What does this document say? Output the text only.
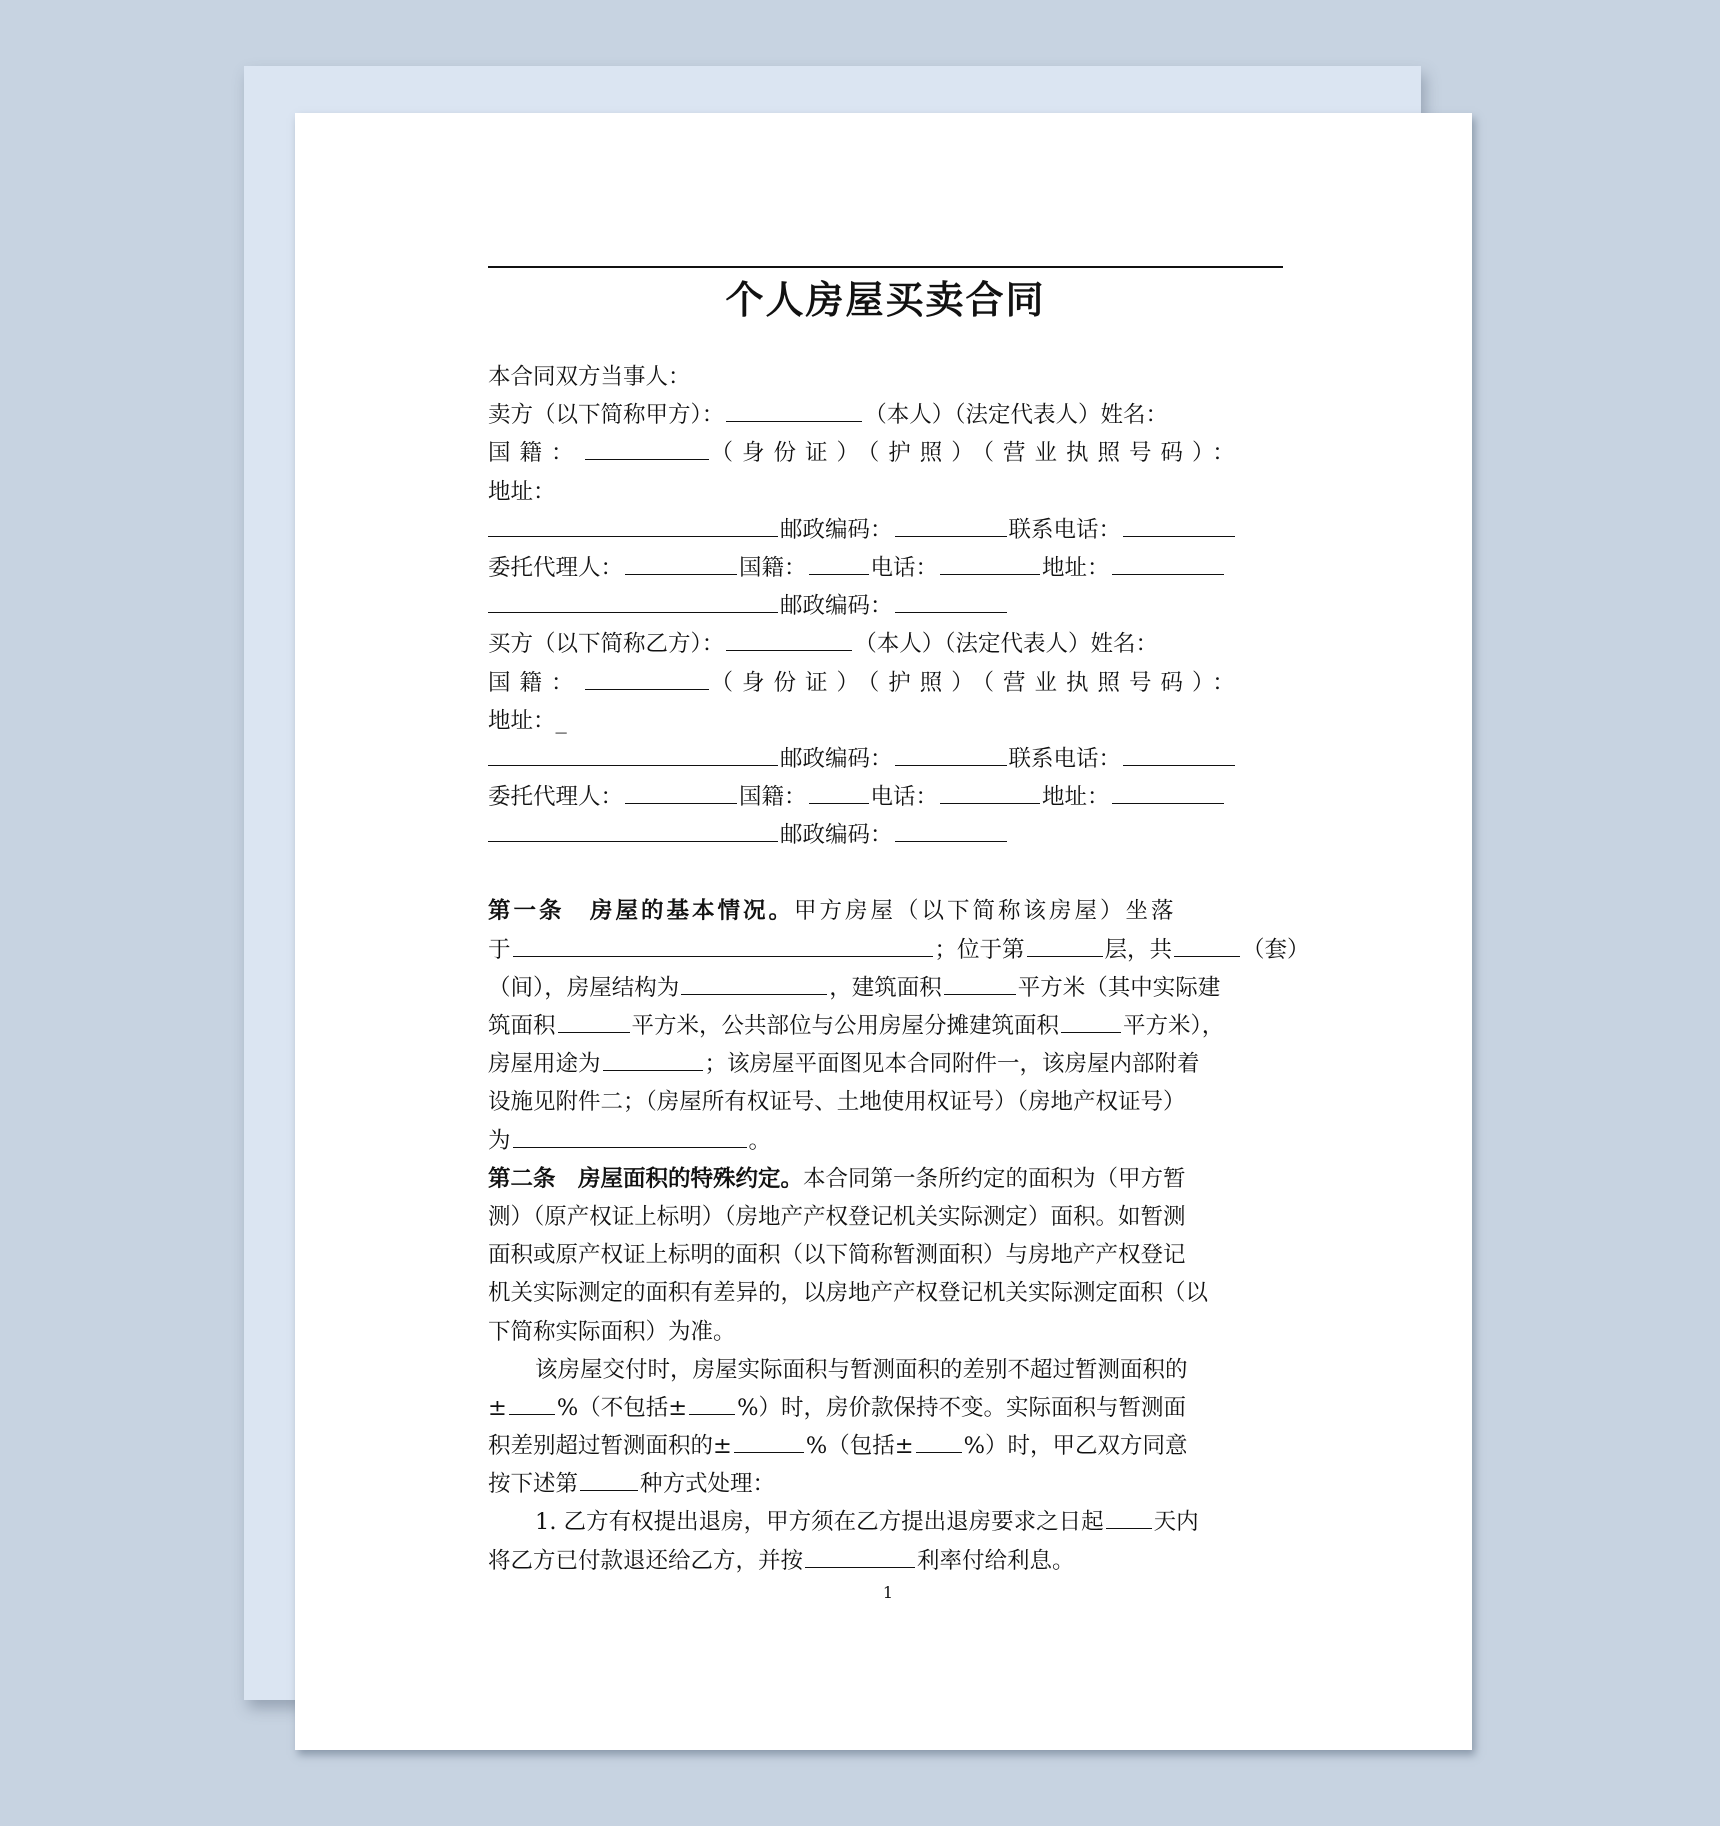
个人房屋买卖合同
本合同双方当事人：
卖方（以下简称甲方）：	（本人）（法定代表人）姓名：
国籍：	（身份证）（护照）（营业执照号码）：
地址：
邮政编码：	联系电话：
委托代理人：	国籍：	电话：	地址：
邮政编码：
买方（以下简称乙方）：	（本人）（法定代表人）姓名：
国籍：	（身份证）（护照）（营业执照号码）：
地址：_
邮政编码：	联系电话：
委托代理人：	国籍：	电话：	地址：
邮政编码：
第一条　房屋的基本情况。甲方房屋（以下简称该房屋）坐落
于	；位于第	层，共	（套）
（间），房屋结构为	，建筑面积	平方米（其中实际建
筑面积	平方米，公共部位与公用房屋分摊建筑面积	平方米），
房屋用途为	；该房屋平面图见本合同附件一，该房屋内部附着
设施见附件二；（房屋所有权证号、土地使用权证号）（房地产权证号）
为	。
第二条　房屋面积的特殊约定。本合同第一条所约定的面积为（甲方暂
测）（原产权证上标明）（房地产产权登记机关实际测定）面积。如暂测
面积或原产权证上标明的面积（以下简称暂测面积）与房地产产权登记
机关实际测定的面积有差异的，以房地产产权登记机关实际测定面积（以
下简称实际面积）为准。
该房屋交付时，房屋实际面积与暂测面积的差别不超过暂测面积的
± %（不包括± %）时，房价款保持不变。实际面积与暂测面
积差别超过暂测面积的±	%（包括± %）时，甲乙双方同意
按下述第	种方式处理：
1. 乙方有权提出退房，甲方须在乙方提出退房要求之日起 天内
将乙方已付款退还给乙方，并按	利率付给利息。
1
